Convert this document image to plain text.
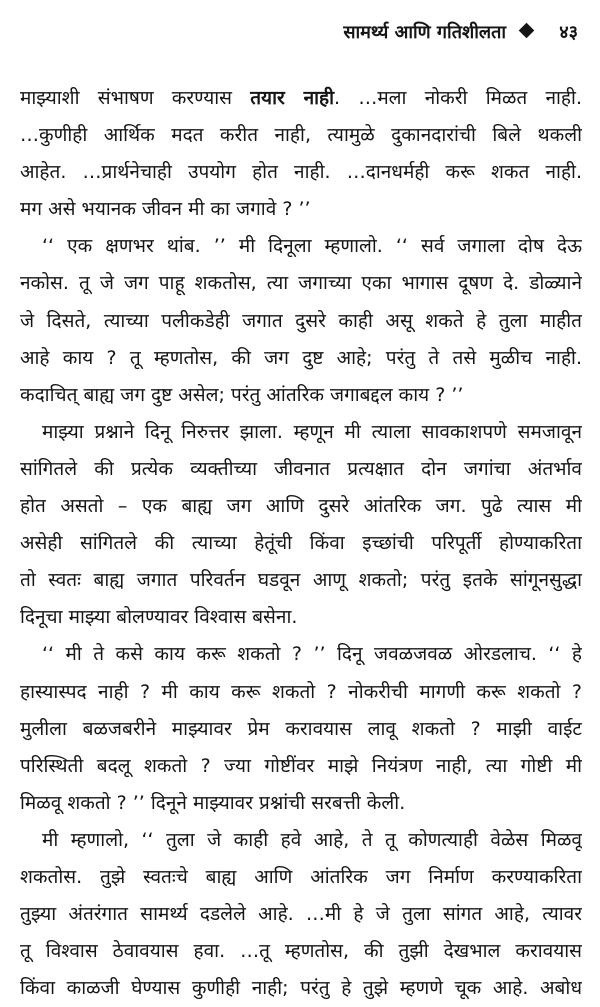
सामर्थ्य आणि गतिशीलता	४३
माझ्याशी संभाषण करण्यास तयार नाही. …मला नोकरी मिळत नाही.
…कुणीही आर्थिक मदत करीत नाही, त्यामुळे दुकानदारांची बिले थकली
आहेत. …प्रार्थनेचाही उपयोग होत नाही. …दानधर्मही करू शकत नाही.
मग असे भयानक जीवन मी का जगावे ? ’’
‘‘ एक क्षणभर थांब. ’’ मी दिनूला म्हणालो. ‘‘ सर्व जगाला दोष देऊ
नकोस. तू जे जग पाहू शकतोस, त्या जगाच्या एका भागास दूषण दे. डोळ्याने
जे दिसते, त्याच्या पलीकडेही जगात दुसरे काही असू शकते हे तुला माहीत
आहे काय ? तू म्हणतोस, की जग दुष्ट आहे; परंतु ते तसे मुळीच नाही.
कदाचित् बाह्य जग दुष्ट असेल; परंतु आंतरिक जगाबद्दल काय ? ’’
माझ्या प्रश्नाने दिनू निरुत्तर झाला. म्हणून मी त्याला सावकाशपणे समजावून
सांगितले की प्रत्येक व्यक्तीच्या जीवनात प्रत्यक्षात दोन जगांचा अंतर्भाव
होत असतो – एक बाह्य जग आणि दुसरे आंतरिक जग. पुढे त्यास मी
असेही सांगितले की त्याच्या हेतूंची किंवा इच्छांची परिपूर्ती होण्याकरिता
तो स्वतः बाह्य जगात परिवर्तन घडवून आणू शकतो; परंतु इतके सांगूनसुद्धा
दिनूचा माझ्या बोलण्यावर विश्वास बसेना.
‘‘ मी ते कसे काय करू शकतो ? ’’ दिनू जवळजवळ ओरडलाच. ‘‘ हे
हास्यास्पद नाही ? मी काय करू शकतो ? नोकरीची मागणी करू शकतो ?
मुलीला बळजबरीने माझ्यावर प्रेम करावयास लावू शकतो ? माझी वाईट
परिस्थिती बदलू शकतो ? ज्या गोष्टींवर माझे नियंत्रण नाही, त्या गोष्टी मी
मिळवू शकतो ? ’’ दिनूने माझ्यावर प्रश्नांची सरबत्ती केली.
मी म्हणालो, ‘‘ तुला जे काही हवे आहे, ते तू कोणत्याही वेळेस मिळवू
शकतोस. तुझे स्वतःचे बाह्य आणि आंतरिक जग निर्माण करण्याकरिता
तुझ्या अंतरंगात सामर्थ्य दडलेले आहे. …मी हे जे तुला सांगत आहे, त्यावर
तू विश्वास ठेवावयास हवा. …तू म्हणतोस, की तुझी देखभाल करावयास
किंवा काळजी घेण्यास कुणीही नाही; परंतु हे तुझे म्हणणे चूक आहे. अबोध
